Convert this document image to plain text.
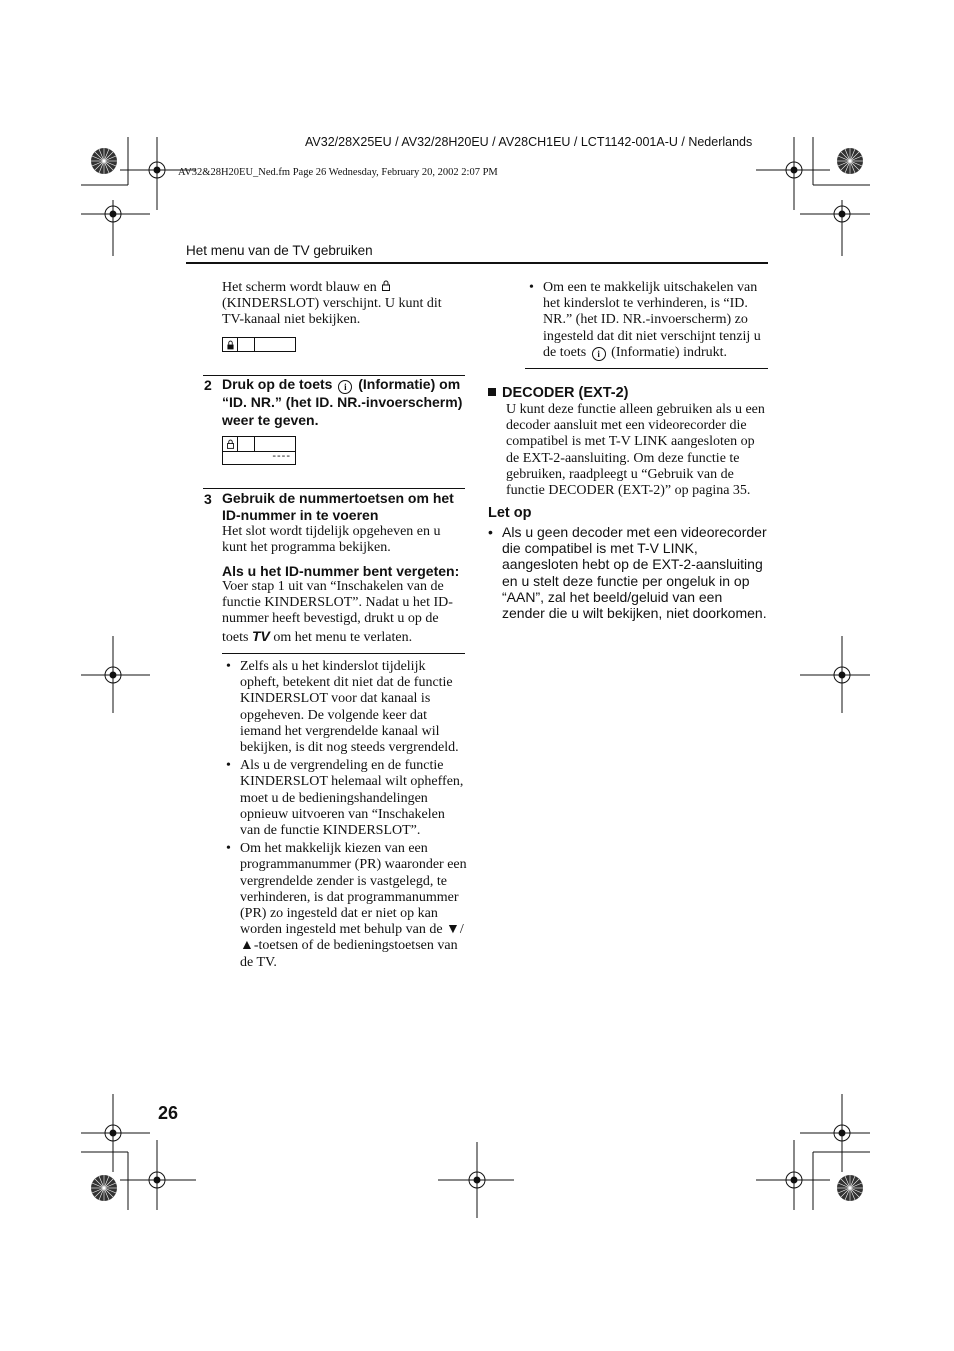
AV32/28X25EU / AV32/28H20EU / AV28CH1EU / LCT1142-001A-U / Nederlands
AV32&28H20EU_Ned.fm Page 26 Wednesday, February 20, 2002 2:07 PM
Het menu van de TV gebruiken
Het scherm wordt blauw en
(KINDERSLOT) verschijnt. U kunt dit TV-kanaal niet bekijken.
2 Druk op de toets i (Informatie) om “ID. NR.” (het ID. NR.-invoerscherm) weer te geven.
----
3 Gebruik de nummertoetsen om het ID-nummer in te voeren
Het slot wordt tijdelijk opgeheven en u kunt het programma bekijken.
Als u het ID-nummer bent vergeten:
Voer stap 1 uit van “Inschakelen van de functie KINDERSLOT”. Nadat u het ID-nummer heeft bevestigd, drukt u op de toets TV om het menu te verlaten.
• Zelfs als u het kinderslot tijdelijk opheft, betekent dit niet dat de functie KINDERSLOT voor dat kanaal is opgeheven. De volgende keer dat iemand het vergrendelde kanaal wil bekijken, is dit nog steeds vergrendeld.
• Als u de vergrendeling en de functie KINDERSLOT helemaal wilt opheffen, moet u de bedieningshandelingen opnieuw uitvoeren van “Inschakelen van de functie KINDERSLOT”.
• Om het makkelijk kiezen van een programmanummer (PR) waaronder een vergrendelde zender is vastgelegd, te verhinderen, is dat programmanummer (PR) zo ingesteld dat er niet op kan worden ingesteld met behulp van de ▼/▲-toetsen of de bedieningstoetsen van de TV.
• Om een te makkelijk uitschakelen van het kinderslot te verhinderen, is “ID. NR.” (het ID. NR.-invoerscherm) zo ingesteld dat dit niet verschijnt tenzij u de toets i (Informatie) indrukt.
DECODER (EXT-2)
U kunt deze functie alleen gebruiken als u een decoder aansluit met een videorecorder die compatibel is met T-V LINK aangesloten op de EXT-2-aansluiting. Om deze functie te gebruiken, raadpleegt u “Gebruik van de functie DECODER (EXT-2)” op pagina 35.
Let op
• Als u geen decoder met een videorecorder die compatibel is met T-V LINK, aangesloten hebt op de EXT-2-aansluiting en u stelt deze functie per ongeluk in op “AAN”, zal het beeld/geluid van een zender die u wilt bekijken, niet doorkomen.
26
